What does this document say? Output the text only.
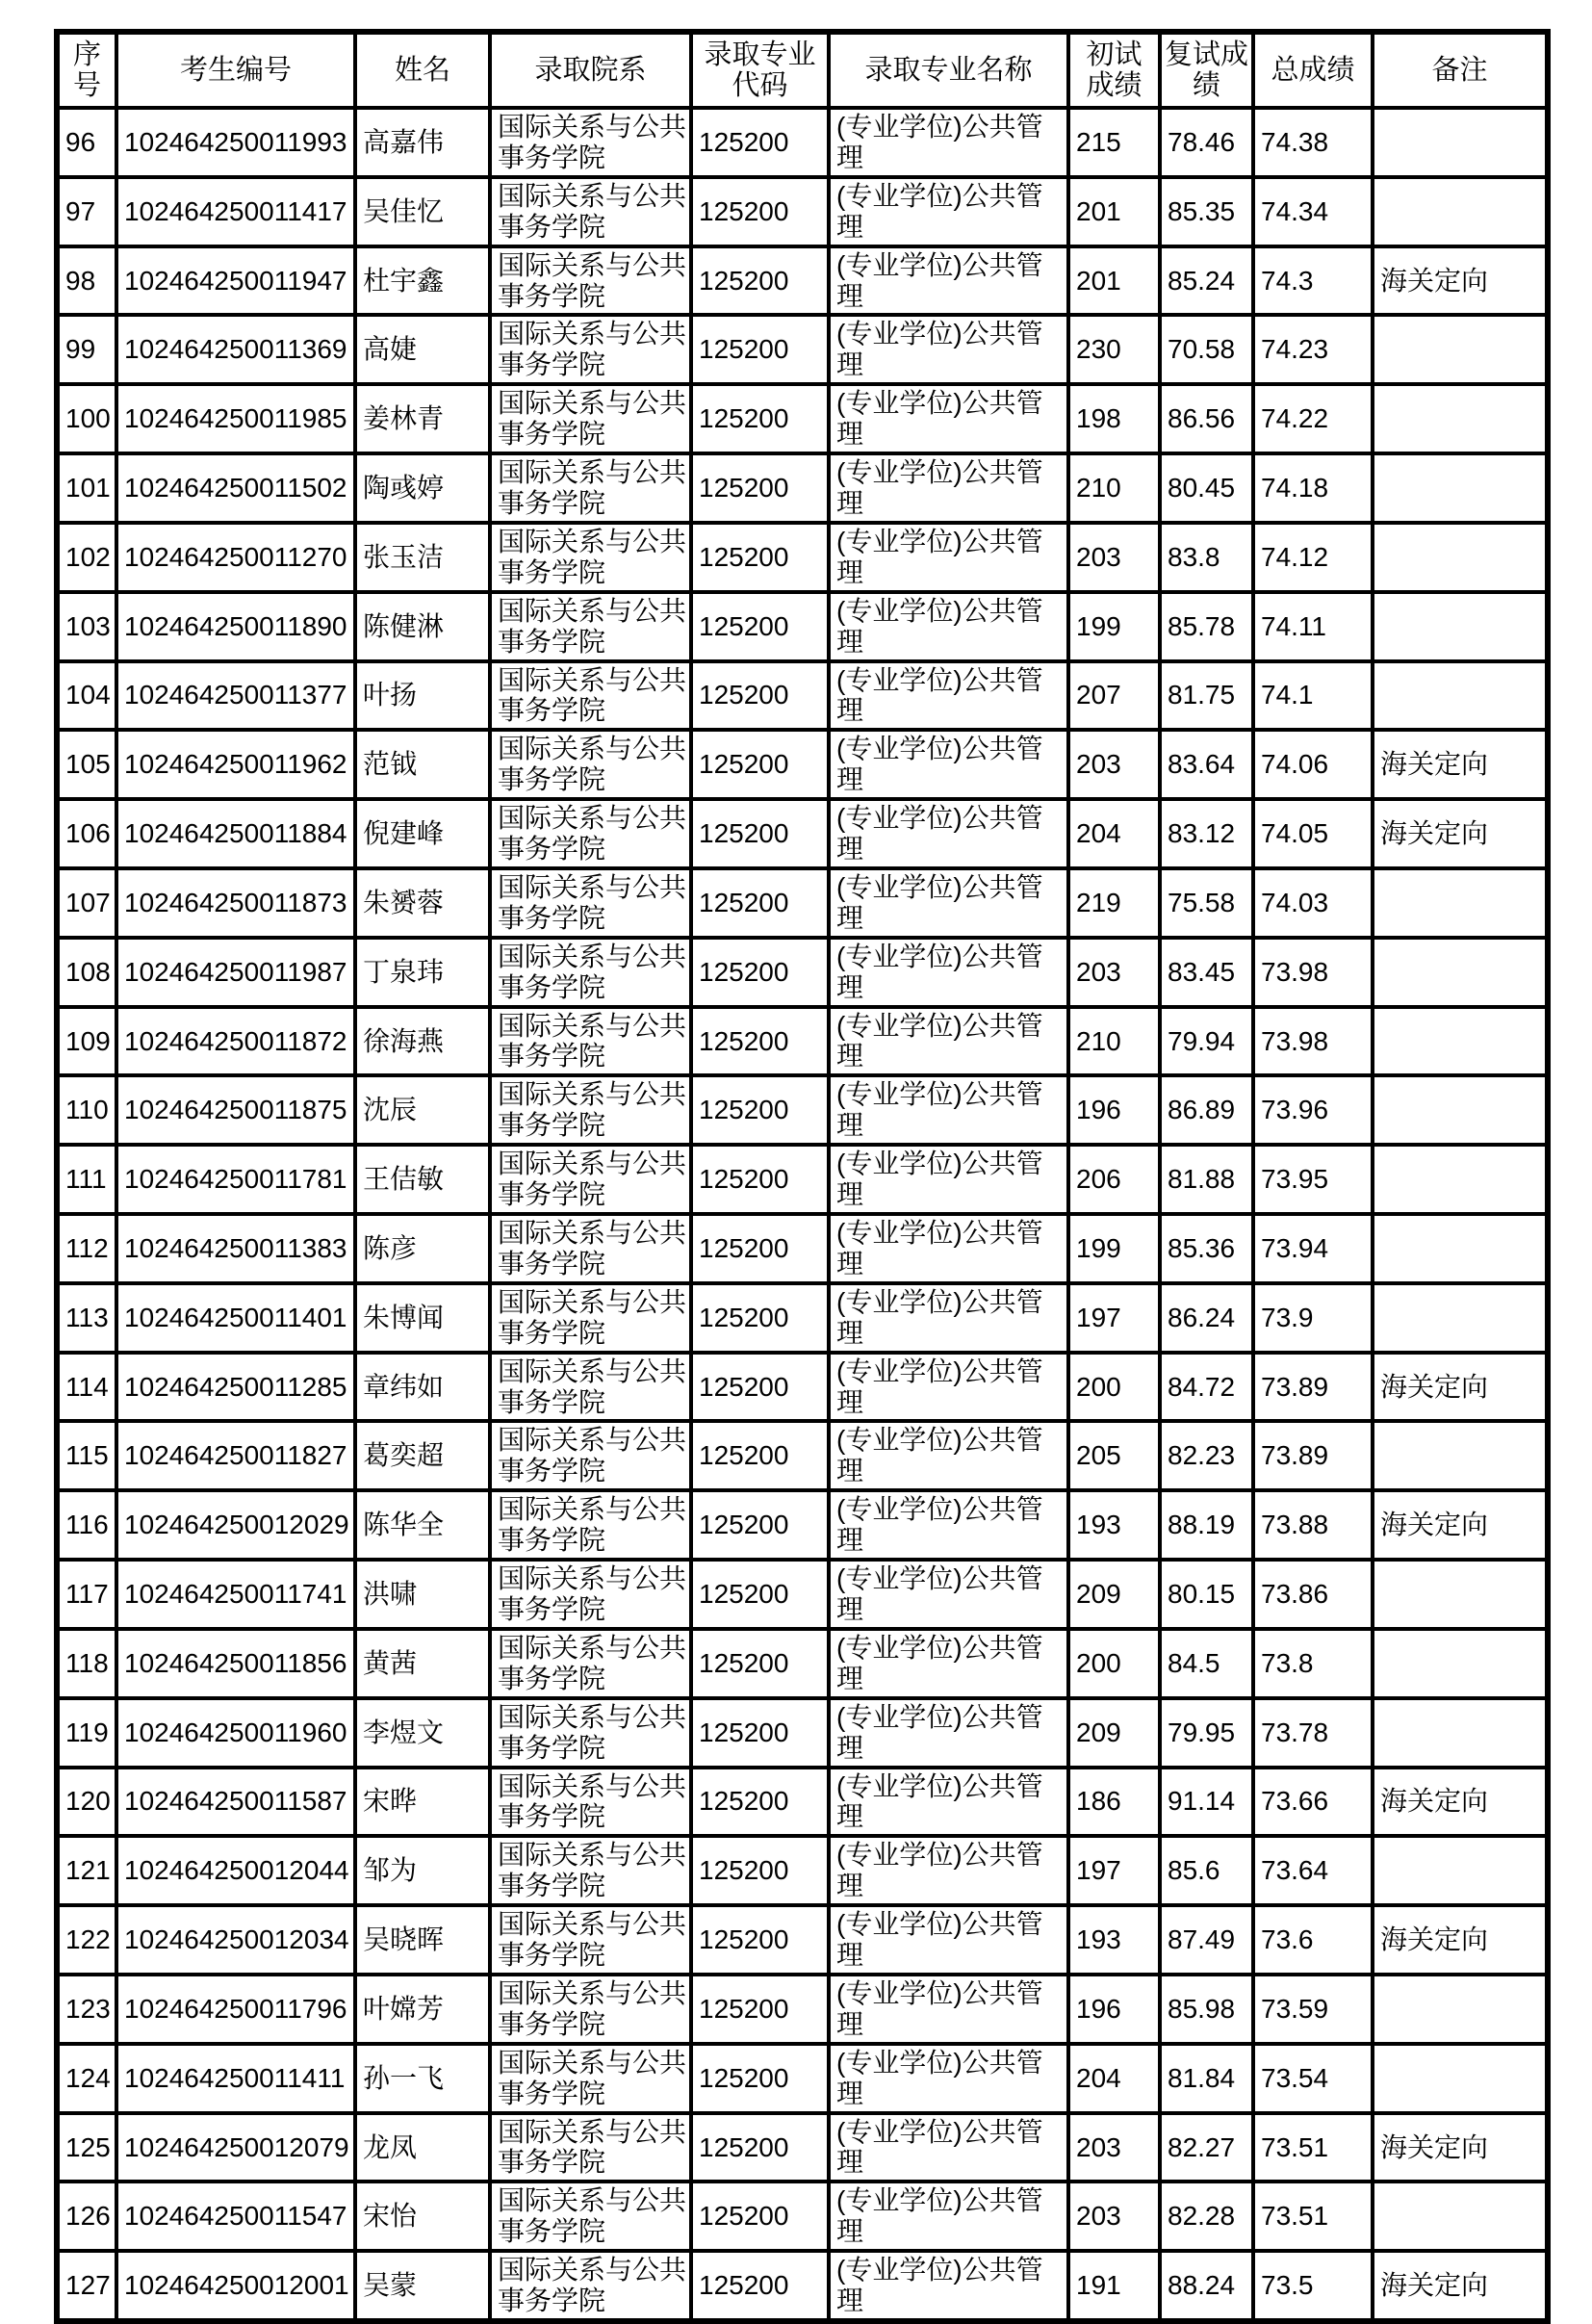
序号	考生编号	姓名	录取院系	录取专业代码	录取专业名称	初试成绩	复试成绩	总成绩	备注
96	102464250011993	高嘉伟	国际关系与公共事务学院	125200	(专业学位)公共管理	215	78.46	74.38	
97	102464250011417	吴佳忆	国际关系与公共事务学院	125200	(专业学位)公共管理	201	85.35	74.34	
98	102464250011947	杜宇鑫	国际关系与公共事务学院	125200	(专业学位)公共管理	201	85.24	74.3	海关定向
99	102464250011369	高婕	国际关系与公共事务学院	125200	(专业学位)公共管理	230	70.58	74.23	
100	102464250011985	姜林青	国际关系与公共事务学院	125200	(专业学位)公共管理	198	86.56	74.22	
101	102464250011502	陶彧婷	国际关系与公共事务学院	125200	(专业学位)公共管理	210	80.45	74.18	
102	102464250011270	张玉洁	国际关系与公共事务学院	125200	(专业学位)公共管理	203	83.8	74.12	
103	102464250011890	陈健淋	国际关系与公共事务学院	125200	(专业学位)公共管理	199	85.78	74.11	
104	102464250011377	叶扬	国际关系与公共事务学院	125200	(专业学位)公共管理	207	81.75	74.1	
105	102464250011962	范钺	国际关系与公共事务学院	125200	(专业学位)公共管理	203	83.64	74.06	海关定向
106	102464250011884	倪建峰	国际关系与公共事务学院	125200	(专业学位)公共管理	204	83.12	74.05	海关定向
107	102464250011873	朱赟蓉	国际关系与公共事务学院	125200	(专业学位)公共管理	219	75.58	74.03	
108	102464250011987	丁泉玮	国际关系与公共事务学院	125200	(专业学位)公共管理	203	83.45	73.98	
109	102464250011872	徐海燕	国际关系与公共事务学院	125200	(专业学位)公共管理	210	79.94	73.98	
110	102464250011875	沈辰	国际关系与公共事务学院	125200	(专业学位)公共管理	196	86.89	73.96	
111	102464250011781	王佶敏	国际关系与公共事务学院	125200	(专业学位)公共管理	206	81.88	73.95	
112	102464250011383	陈彦	国际关系与公共事务学院	125200	(专业学位)公共管理	199	85.36	73.94	
113	102464250011401	朱博闻	国际关系与公共事务学院	125200	(专业学位)公共管理	197	86.24	73.9	
114	102464250011285	章纬如	国际关系与公共事务学院	125200	(专业学位)公共管理	200	84.72	73.89	海关定向
115	102464250011827	葛奕超	国际关系与公共事务学院	125200	(专业学位)公共管理	205	82.23	73.89	
116	102464250012029	陈华全	国际关系与公共事务学院	125200	(专业学位)公共管理	193	88.19	73.88	海关定向
117	102464250011741	洪啸	国际关系与公共事务学院	125200	(专业学位)公共管理	209	80.15	73.86	
118	102464250011856	黄茜	国际关系与公共事务学院	125200	(专业学位)公共管理	200	84.5	73.8	
119	102464250011960	李煜文	国际关系与公共事务学院	125200	(专业学位)公共管理	209	79.95	73.78	
120	102464250011587	宋晔	国际关系与公共事务学院	125200	(专业学位)公共管理	186	91.14	73.66	海关定向
121	102464250012044	邹为	国际关系与公共事务学院	125200	(专业学位)公共管理	197	85.6	73.64	
122	102464250012034	吴晓晖	国际关系与公共事务学院	125200	(专业学位)公共管理	193	87.49	73.6	海关定向
123	102464250011796	叶嫦芳	国际关系与公共事务学院	125200	(专业学位)公共管理	196	85.98	73.59	
124	102464250011411	孙一飞	国际关系与公共事务学院	125200	(专业学位)公共管理	204	81.84	73.54	
125	102464250012079	龙凤	国际关系与公共事务学院	125200	(专业学位)公共管理	203	82.27	73.51	海关定向
126	102464250011547	宋怡	国际关系与公共事务学院	125200	(专业学位)公共管理	203	82.28	73.51	
127	102464250012001	吴蒙	国际关系与公共事务学院	125200	(专业学位)公共管理	191	88.24	73.5	海关定向
